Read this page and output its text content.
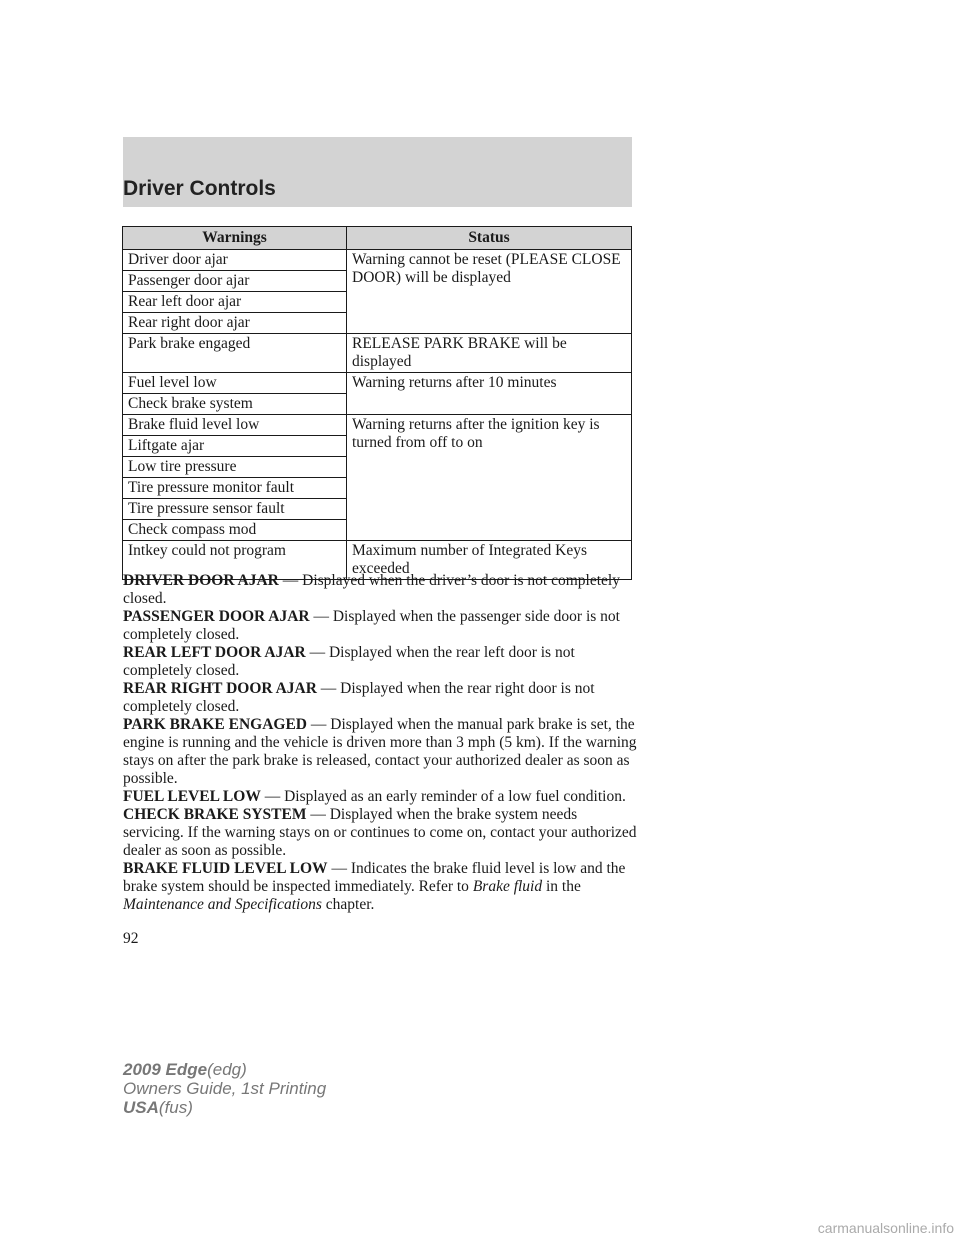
Driver Controls
Warnings	Status
Driver door ajar	Warning cannot be reset (PLEASE CLOSE DOOR) will be displayed
Passenger door ajar	
Rear left door ajar	
Rear right door ajar	
Park brake engaged	RELEASE PARK BRAKE will be displayed
Fuel level low	Warning returns after 10 minutes
Check brake system	
Brake fluid level low	Warning returns after the ignition key is turned from off to on
Liftgate ajar	
Low tire pressure	
Tire pressure monitor fault	
Tire pressure sensor fault	
Check compass mod	
Intkey could not program	Maximum number of Integrated Keys exceeded

DRIVER DOOR AJAR — Displayed when the driver’s door is not completely closed.

PASSENGER DOOR AJAR — Displayed when the passenger side door is not completely closed.

REAR LEFT DOOR AJAR — Displayed when the rear left door is not completely closed.

REAR RIGHT DOOR AJAR — Displayed when the rear right door is not completely closed.

PARK BRAKE ENGAGED — Displayed when the manual park brake is set, the engine is running and the vehicle is driven more than 3 mph (5 km). If the warning stays on after the park brake is released, contact your authorized dealer as soon as possible.

FUEL LEVEL LOW — Displayed as an early reminder of a low fuel condition.

CHECK BRAKE SYSTEM — Displayed when the brake system needs servicing. If the warning stays on or continues to come on, contact your authorized dealer as soon as possible.

BRAKE FLUID LEVEL LOW — Indicates the brake fluid level is low and the brake system should be inspected immediately. Refer to Brake fluid in the Maintenance and Specifications chapter.

92
2009 Edge(edg)
Owners Guide, 1st Printing
USA(fus)
carmanualsonline.info
